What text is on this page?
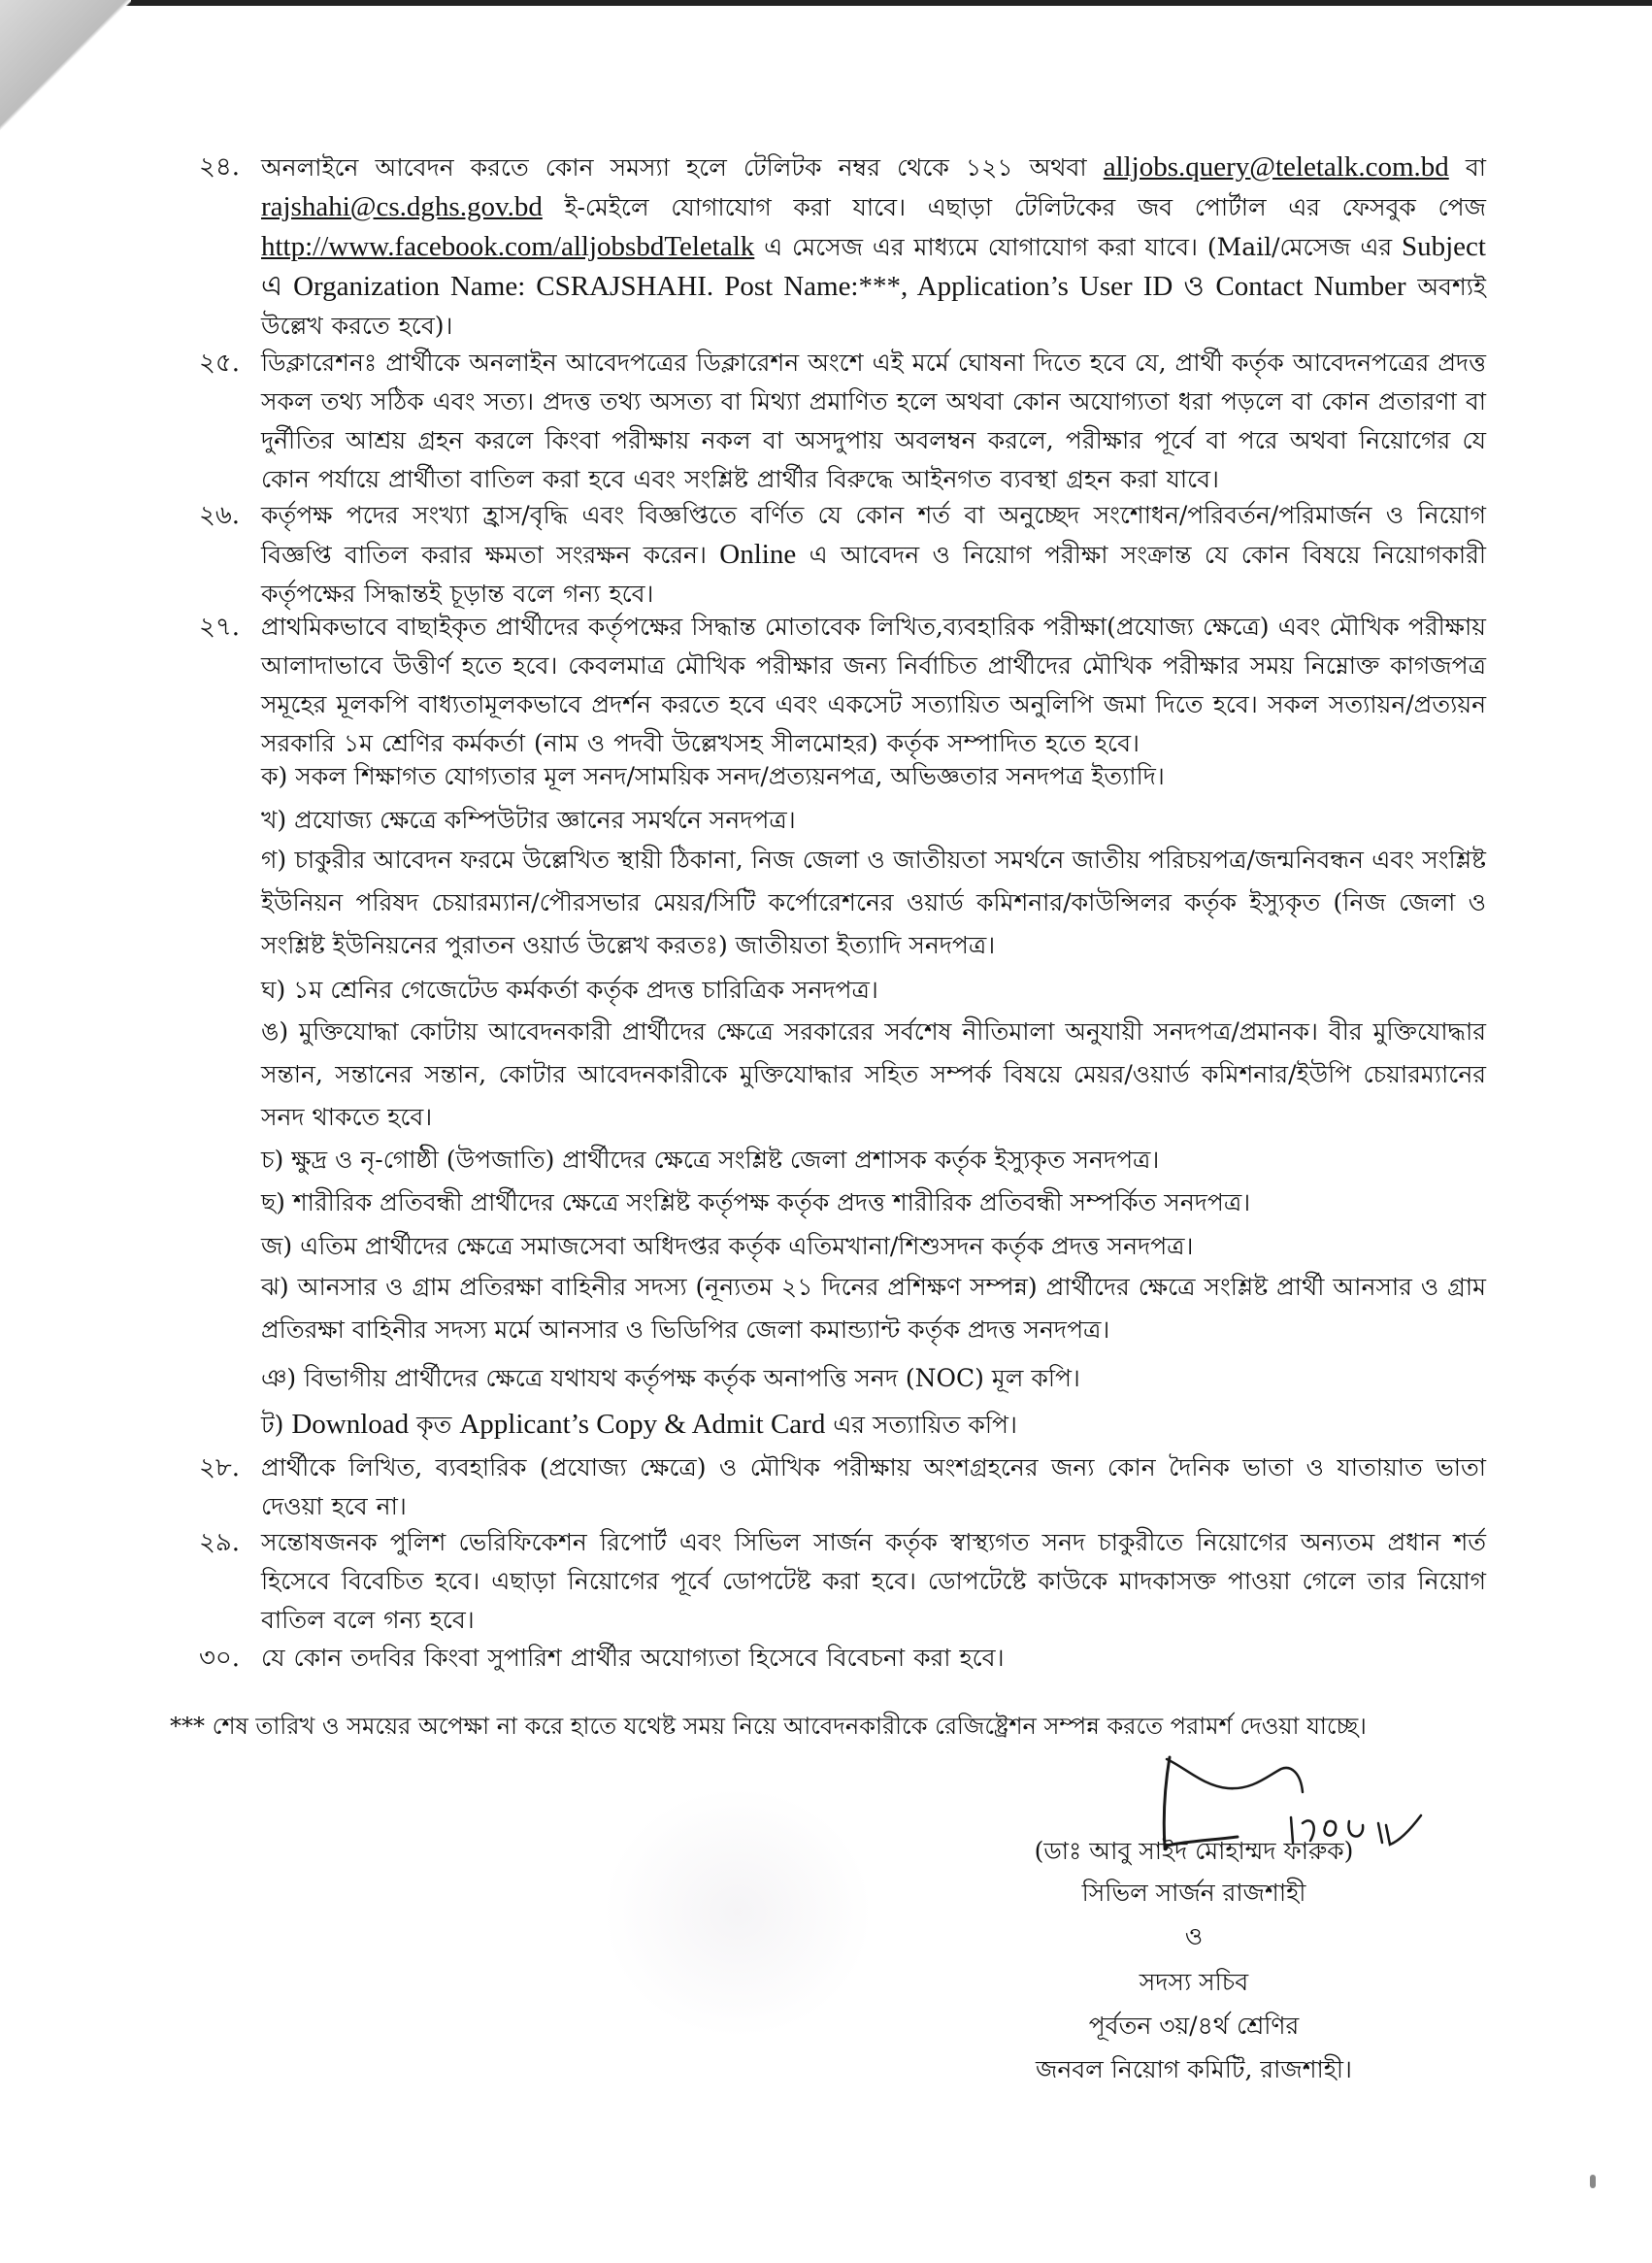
২৪. অনলাইনে আবেদন করতে কোন সমস্যা হলে টেলিটক নম্বর থেকে ১২১ অথবা alljobs.query@teletalk.com.bd বা rajshahi@cs.dghs.gov.bd ই-মেইলে যোগাযোগ করা যাবে। এছাড়া টেলিটকের জব পোর্টাল এর ফেসবুক পেজ http://www.facebook.com/alljobsbdTeletalk এ মেসেজ এর মাধ্যমে যোগাযোগ করা যাবে। (Mail/মেসেজ এর Subject এ Organization Name: CSRAJSHAHI. Post Name:***, Application’s User ID ও Contact Number অবশ্যই উল্লেখ করতে হবে)।
২৫. ডিক্লারেশনঃ প্রার্থীকে অনলাইন আবেদপত্রের ডিক্লারেশন অংশে এই মর্মে ঘোষনা দিতে হবে যে, প্রার্থী কর্তৃক আবেদনপত্রের প্রদত্ত সকল তথ্য সঠিক এবং সত্য। প্রদত্ত তথ্য অসত্য বা মিথ্যা প্রমাণিত হলে অথবা কোন অযোগ্যতা ধরা পড়লে বা কোন প্রতারণা বা দুর্নীতির আশ্রয় গ্রহন করলে কিংবা পরীক্ষায় নকল বা অসদুপায় অবলম্বন করলে, পরীক্ষার পূর্বে বা পরে অথবা নিয়োগের যে কোন পর্যায়ে প্রার্থীতা বাতিল করা হবে এবং সংশ্লিষ্ট প্রার্থীর বিরুদ্ধে আইনগত ব্যবস্থা গ্রহন করা যাবে।
২৬. কর্তৃপক্ষ পদের সংখ্যা হ্রাস/বৃদ্ধি এবং বিজ্ঞপ্তিতে বর্ণিত যে কোন শর্ত বা অনুচ্ছেদ সংশোধন/পরিবর্তন/পরিমার্জন ও নিয়োগ বিজ্ঞপ্তি বাতিল করার ক্ষমতা সংরক্ষন করেন। Online এ আবেদন ও নিয়োগ পরীক্ষা সংক্রান্ত যে কোন বিষয়ে নিয়োগকারী কর্তৃপক্ষের সিদ্ধান্তই চূড়ান্ত বলে গন্য হবে।
২৭. প্রাথমিকভাবে বাছাইকৃত প্রার্থীদের কর্তৃপক্ষের সিদ্ধান্ত মোতাবেক লিখিত,ব্যবহারিক পরীক্ষা(প্রযোজ্য ক্ষেত্রে) এবং মৌখিক পরীক্ষায় আলাদাভাবে উত্তীর্ণ হতে হবে। কেবলমাত্র মৌখিক পরীক্ষার জন্য নির্বাচিত প্রার্থীদের মৌখিক পরীক্ষার সময় নিম্নোক্ত কাগজপত্র সমূহের মূলকপি বাধ্যতামূলকভাবে প্রদর্শন করতে হবে এবং একসেট সত্যায়িত অনুলিপি জমা দিতে হবে। সকল সত্যায়ন/প্রত্যয়ন সরকারি ১ম শ্রেণির কর্মকর্তা (নাম ও পদবী উল্লেখসহ সীলমোহর) কর্তৃক সম্পাদিত হতে হবে।
ক) সকল শিক্ষাগত যোগ্যতার মূল সনদ/সাময়িক সনদ/প্রত্যয়নপত্র, অভিজ্ঞতার সনদপত্র ইত্যাদি।
খ) প্রযোজ্য ক্ষেত্রে কম্পিউটার জ্ঞানের সমর্থনে সনদপত্র।
গ) চাকুরীর আবেদন ফরমে উল্লেখিত স্থায়ী ঠিকানা, নিজ জেলা ও জাতীয়তা সমর্থনে জাতীয় পরিচয়পত্র/জন্মনিবন্ধন এবং সংশ্লিষ্ট ইউনিয়ন পরিষদ চেয়ারম্যান/পৌরসভার মেয়র/সিটি কর্পোরেশনের ওয়ার্ড কমিশনার/কাউন্সিলর কর্তৃক ইস্যুকৃত (নিজ জেলা ও সংশ্লিষ্ট ইউনিয়নের পুরাতন ওয়ার্ড উল্লেখ করতঃ) জাতীয়তা ইত্যাদি সনদপত্র।
ঘ) ১ম শ্রেনির গেজেটেড কর্মকর্তা কর্তৃক প্রদত্ত চারিত্রিক সনদপত্র।
ঙ) মুক্তিযোদ্ধা কোটায় আবেদনকারী প্রার্থীদের ক্ষেত্রে সরকারের সর্বশেষ নীতিমালা অনুযায়ী সনদপত্র/প্রমানক। বীর মুক্তিযোদ্ধার সন্তান, সন্তানের সন্তান, কোটার আবেদনকারীকে মুক্তিযোদ্ধার সহিত সম্পর্ক বিষয়ে মেয়র/ওয়ার্ড কমিশনার/ইউপি চেয়ারম্যানের সনদ থাকতে হবে।
চ) ক্ষুদ্র ও নৃ-গোষ্ঠী (উপজাতি) প্রার্থীদের ক্ষেত্রে সংশ্লিষ্ট জেলা প্রশাসক কর্তৃক ইস্যুকৃত সনদপত্র।
ছ) শারীরিক প্রতিবন্ধী প্রার্থীদের ক্ষেত্রে সংশ্লিষ্ট কর্তৃপক্ষ কর্তৃক প্রদত্ত শারীরিক প্রতিবন্ধী সম্পর্কিত সনদপত্র।
জ) এতিম প্রার্থীদের ক্ষেত্রে সমাজসেবা অধিদপ্তর কর্তৃক এতিমখানা/শিশুসদন কর্তৃক প্রদত্ত সনদপত্র।
ঝ) আনসার ও গ্রাম প্রতিরক্ষা বাহিনীর সদস্য (নূন্যতম ২১ দিনের প্রশিক্ষণ সম্পন্ন) প্রার্থীদের ক্ষেত্রে সংশ্লিষ্ট প্রার্থী আনসার ও গ্রাম প্রতিরক্ষা বাহিনীর সদস্য মর্মে আনসার ও ভিডিপির জেলা কমান্ড্যান্ট কর্তৃক প্রদত্ত সনদপত্র।
ঞ) বিভাগীয় প্রার্থীদের ক্ষেত্রে যথাযথ কর্তৃপক্ষ কর্তৃক অনাপত্তি সনদ (NOC) মূল কপি।
ট) Download কৃত Applicant’s Copy & Admit Card এর সত্যায়িত কপি।
২৮. প্রার্থীকে লিখিত, ব্যবহারিক (প্রযোজ্য ক্ষেত্রে) ও মৌখিক পরীক্ষায় অংশগ্রহনের জন্য কোন দৈনিক ভাতা ও যাতায়াত ভাতা দেওয়া হবে না।
২৯. সন্তোষজনক পুলিশ ভেরিফিকেশন রিপোর্ট এবং সিভিল সার্জন কর্তৃক স্বাস্থ্যগত সনদ চাকুরীতে নিয়োগের অন্যতম প্রধান শর্ত হিসেবে বিবেচিত হবে। এছাড়া নিয়োগের পূর্বে ডোপটেষ্ট করা হবে। ডোপটেষ্টে কাউকে মাদকাসক্ত পাওয়া গেলে তার নিয়োগ বাতিল বলে গন্য হবে।
৩০. যে কোন তদবির কিংবা সুপারিশ প্রার্থীর অযোগ্যতা হিসেবে বিবেচনা করা হবে।
*** শেষ তারিখ ও সময়ের অপেক্ষা না করে হাতে যথেষ্ট সময় নিয়ে আবেদনকারীকে রেজিষ্ট্রেশন সম্পন্ন করতে পরামর্শ দেওয়া যাচ্ছে।
(ডাঃ আবু সাইদ মোহাম্মদ ফারুক)
সিভিল সার্জন রাজশাহী
ও
সদস্য সচিব
পূর্বতন ৩য়/৪র্থ শ্রেণির
জনবল নিয়োগ কমিটি, রাজশাহী।
